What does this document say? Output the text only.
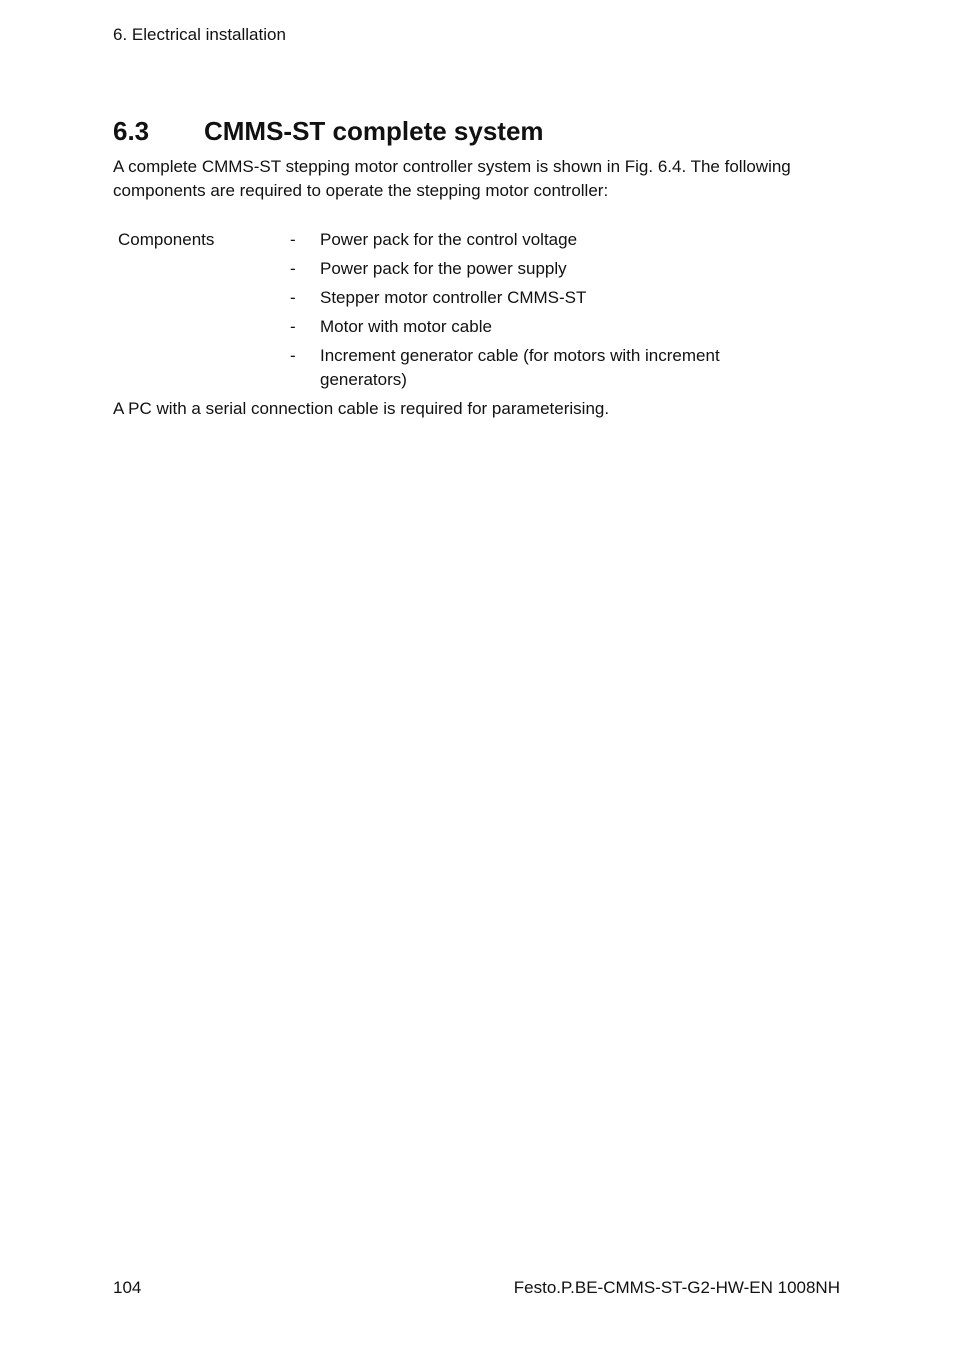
6. Electrical installation
6.3 CMMS-ST complete system

A complete CMMS-ST stepping motor controller system is shown in Fig. 6.4. The following components are required to operate the stepping motor controller:

Components	- Power pack for the control voltage
- Power pack for the power supply
- Stepper motor controller CMMS-ST
- Motor with motor cable
- Increment generator cable (for motors with increment generators)

A PC with a serial connection cable is required for parameterising.

104	Festo.P.BE-CMMS-ST-G2-HW-EN 1008NH
